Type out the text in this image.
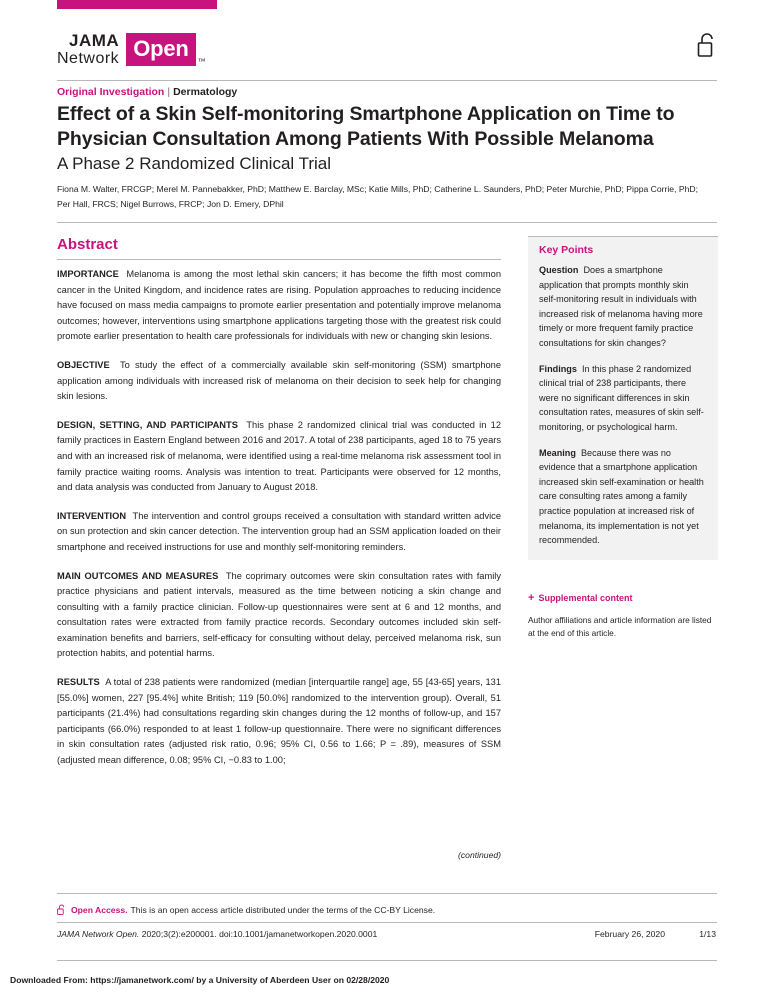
JAMA
Network Open
™
Original Investigation | Dermatology
Effect of a Skin Self-monitoring Smartphone Application on Time to Physician Consultation Among Patients With Possible Melanoma
A Phase 2 Randomized Clinical Trial
Fiona M. Walter, FRCGP; Merel M. Pannebakker, PhD; Matthew E. Barclay, MSc; Katie Mills, PhD; Catherine L. Saunders, PhD; Peter Murchie, PhD; Pippa Corrie, PhD; Per Hall, FRCS; Nigel Burrows, FRCP; Jon D. Emery, DPhil
Abstract

IMPORTANCE Melanoma is among the most lethal skin cancers; it has become the fifth most common cancer in the United Kingdom, and incidence rates are rising. Population approaches to reducing incidence have focused on mass media campaigns to promote earlier presentation and potentially improve melanoma outcomes; however, interventions using smartphone applications targeting those with the greatest risk could promote earlier presentation to health care professionals for individuals with new or changing skin lesions.

OBJECTIVE To study the effect of a commercially available skin self-monitoring (SSM) smartphone application among individuals with increased risk of melanoma on their decision to seek help for changing skin lesions.

DESIGN, SETTING, AND PARTICIPANTS This phase 2 randomized clinical trial was conducted in 12 family practices in Eastern England between 2016 and 2017. A total of 238 participants, aged 18 to 75 years and with an increased risk of melanoma, were identified using a real-time melanoma risk assessment tool in family practice waiting rooms. Analysis was intention to treat. Participants were observed for 12 months, and data analysis was conducted from January to August 2018.

INTERVENTION The intervention and control groups received a consultation with standard written advice on sun protection and skin cancer detection. The intervention group had an SSM application loaded on their smartphone and received instructions for use and monthly self-monitoring reminders.

MAIN OUTCOMES AND MEASURES The coprimary outcomes were skin consultation rates with family practice physicians and patient intervals, measured as the time between noticing a skin change and consulting with a family practice clinician. Follow-up questionnaires were sent at 6 and 12 months, and consultation rates were extracted from family practice records. Secondary outcomes included skin self-examination benefits and barriers, self-efficacy for consulting without delay, perceived melanoma risk, sun protection habits, and potential harms.

RESULTS A total of 238 patients were randomized (median [interquartile range] age, 55 [43-65] years, 131 [55.0%] women, 227 [95.4%] white British; 119 [50.0%] randomized to the intervention group). Overall, 51 participants (21.4%) had consultations regarding skin changes during the 12 months of follow-up, and 157 participants (66.0%) responded to at least 1 follow-up questionnaire. There were no significant differences in skin consultation rates (adjusted risk ratio, 0.96; 95% CI, 0.56 to 1.66; P = .89), measures of SSM (adjusted mean difference, 0.08; 95% CI, −0.83 to 1.00;

(continued)
Key Points

Question Does a smartphone application that prompts monthly skin self-monitoring result in individuals with increased risk of melanoma having more timely or more frequent family practice consultations for skin changes?

Findings In this phase 2 randomized clinical trial of 238 participants, there were no significant differences in skin consultation rates, measures of skin self-monitoring, or psychological harm.

Meaning Because there was no evidence that a smartphone application increased skin self-examination or health care consulting rates among a family practice population at increased risk of melanoma, its implementation is not yet recommended.

+ Supplemental content
Author affiliations and article information are listed at the end of this article.
Open Access. This is an open access article distributed under the terms of the CC-BY License.
JAMA Network Open. 2020;3(2):e200001. doi:10.1001/jamanetworkopen.2020.0001	February 26, 2020	1/13
Downloaded From: https://jamanetwork.com/ by a University of Aberdeen User on 02/28/2020
